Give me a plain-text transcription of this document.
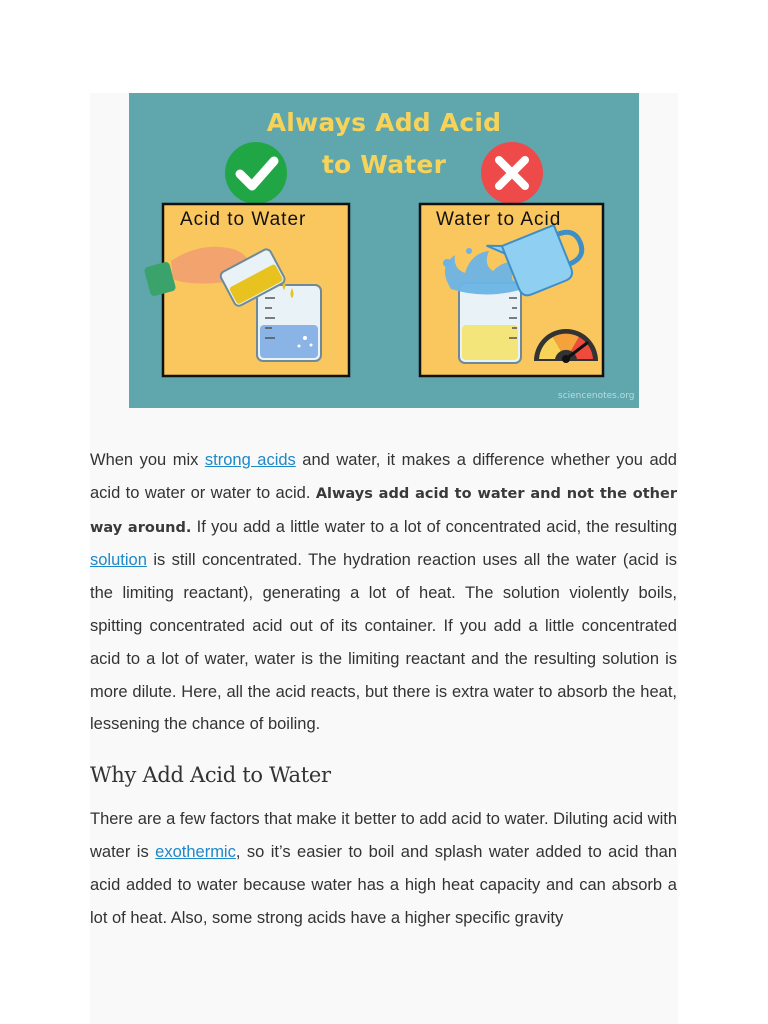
Always Add Acid
to Water
Acid to Water	Water to Acid
sciencenotes.org

When you mix strong acids and water, it makes a difference whether you add acid to water or water to acid. Always add acid to water and not the other way around. If you add a little water to a lot of concentrated acid, the resulting solution is still concentrated. The hydration reaction uses all the water (acid is the limiting reactant), generating a lot of heat. The solution violently boils, spitting concentrated acid out of its container. If you add a little concentrated acid to a lot of water, water is the limiting reactant and the resulting solution is more dilute. Here, all the acid reacts, but there is extra water to absorb the heat, lessening the chance of boiling.

Why Add Acid to Water

There are a few factors that make it better to add acid to water. Diluting acid with water is exothermic, so it’s easier to boil and splash water added to acid than acid added to water because water has a high heat capacity and can absorb a lot of heat. Also, some strong acids have a higher specific gravity
